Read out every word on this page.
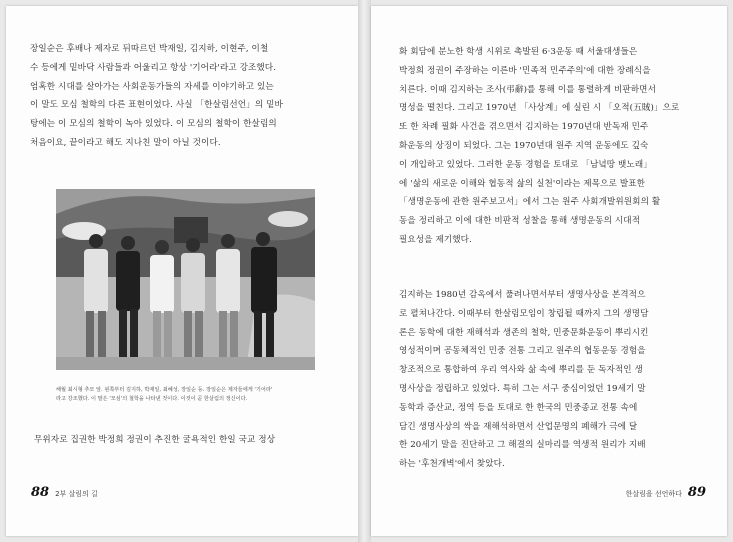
장일순은 후배나 제자로 뒤따르던 박재일, 김지하, 이현주, 이철
수 등에게 밑바닥 사람들과 어울리고 항상 '기어라'라고 강조했다.
엄혹한 시대를 살아가는 사회운동가들의 자세를 이야기하고 있는
이 말도 모심 철학의 다른 표현이었다. 사실 「한살림선언」의 밑바
탕에는 이 모심의 철학이 녹아 있었다. 이 모심의 철학이 한살림의
처음이요, 끝이라고 해도 지나친 말이 아닐 것이다.
해월 최시형 추모 앞. 왼쪽부터 김지하, 박재일, 최혜성, 장일순 등. 장일순은 제자들에게 '기어라'
라고 강조했다. 이 말은 '모심'의 철학을 나타낸 것이다. 이것이 곧 한살림의 정신이다.
무위자로 집권한 박정희 정권이 추진한 굴욕적인 한일 국교 정상
88 2부 살림의 길
화 회담에 분노한 학생 시위로 촉발된 6·3운동 때 서울대생들은
박정희 정권이 주장하는 이른바 '민족적 민주주의'에 대한 장례식을
치른다. 이때 김지하는 조사(弔辭)를 통해 이를 통렬하게 비판하면서
명성을 떨친다. 그리고 1970년 「사상계」에 실린 시 「오적(五賊)」으로
또 한 차례 필화 사건을 겪으면서 김지하는 1970년대 반독재 민주
화운동의 상징이 되었다. 그는 1970년대 원주 지역 운동에도 깊숙
이 개입하고 있었다. 그러한 운동 경험을 토대로 「남녘땅 뱃노래」
에 '삶의 새로운 이해와 협동적 삶의 실천'이라는 제목으로 발표한
「생명운동에 관한 원주보고서」에서 그는 원주 사회개발위원회의 활
동을 정리하고 이에 대한 비판적 성찰을 통해 생명운동의 시대적
필요성을 제기했다.
김지하는 1980년 감옥에서 풀려나면서부터 생명사상을 본격적으
로 펼쳐나간다. 이때부터 한살림모임이 창립될 때까지 그의 생명담
론은 동학에 대한 재해석과 생존의 철학, 민중문화운동이 뿌리시킨
영성적이며 공동체적인 민중 전통 그리고 원주의 협동운동 경험을
창조적으로 통합하여 우리 역사와 삶 속에 뿌리를 둔 독자적인 생
명사상을 정립하고 있었다. 특히 그는 서구 중심이었던 19세기 말
동학과 증산교, 정역 등을 토대로 한 한국의 민중종교 전통 속에
담긴 생명사상의 싹을 재해석하면서 산업문명의 폐해가 극에 달
한 20세기 말을 진단하고 그 해결의 실마리를 역생적 원리가 지배
하는 '후천개벽'에서 찾았다.
한살림을 선언하다 89
